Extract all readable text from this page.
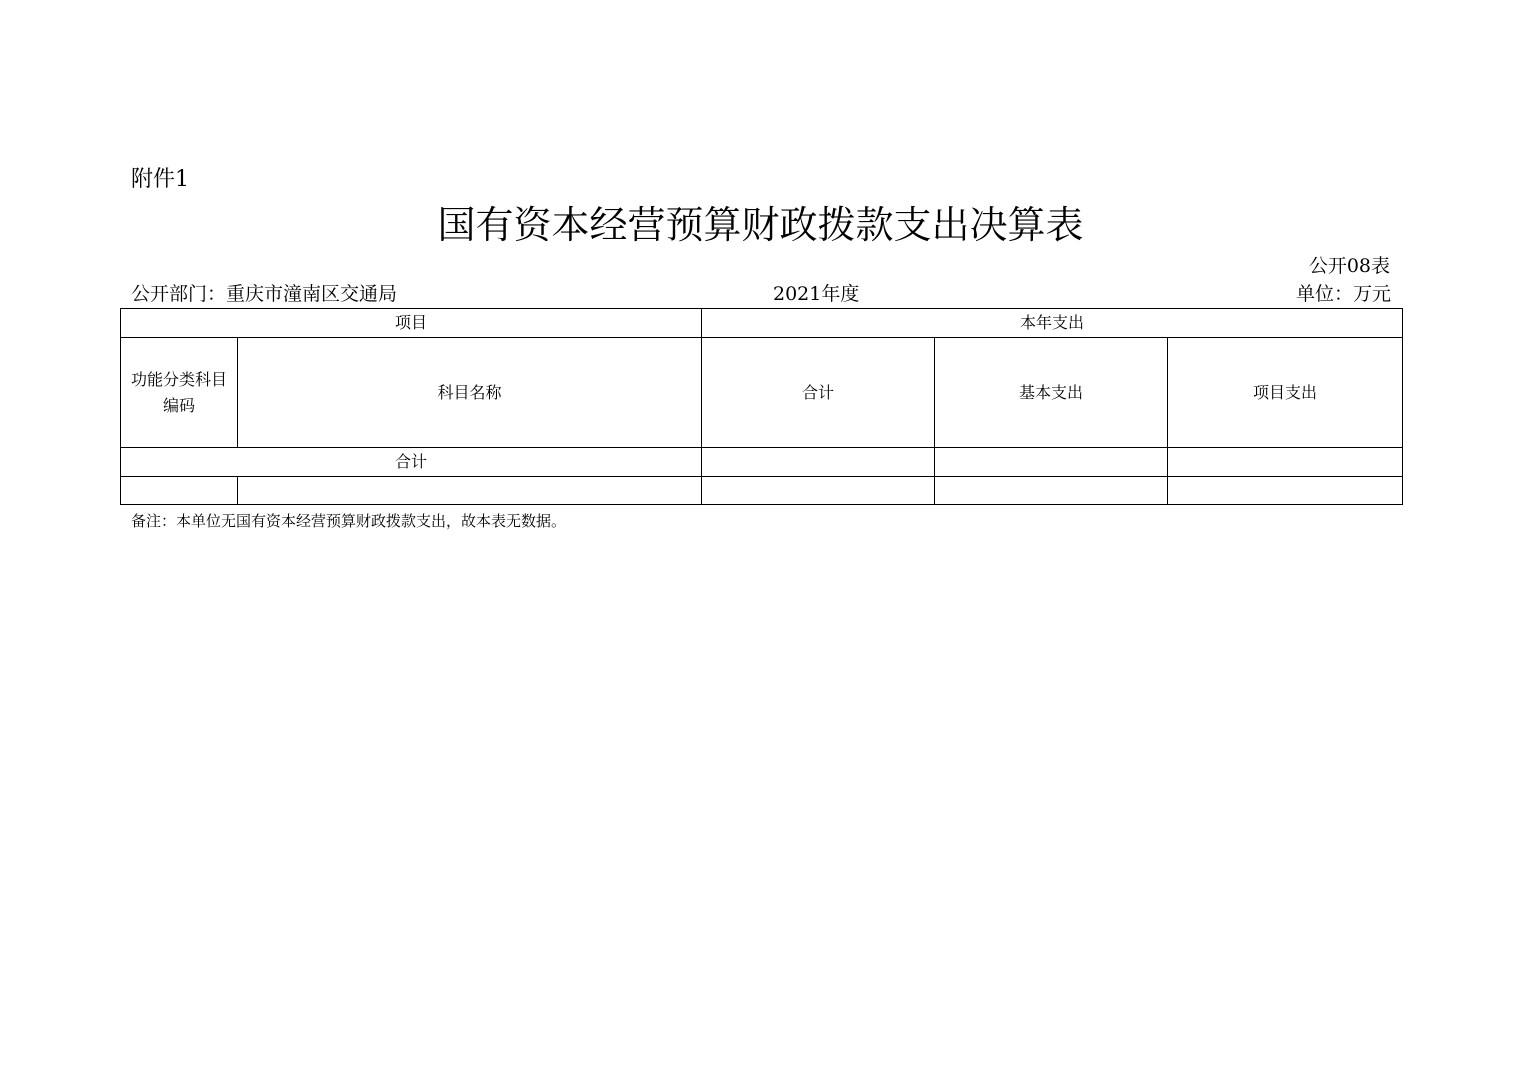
附件1
国有资本经营预算财政拨款支出决算表
公开08表
公开部门：重庆市潼南区交通局	2021年度	单位：万元
项目		本年支出		
功能分类科目编码	科目名称	合计	基本支出	项目支出
合计				

备注：本单位无国有资本经营预算财政拨款支出，故本表无数据。
